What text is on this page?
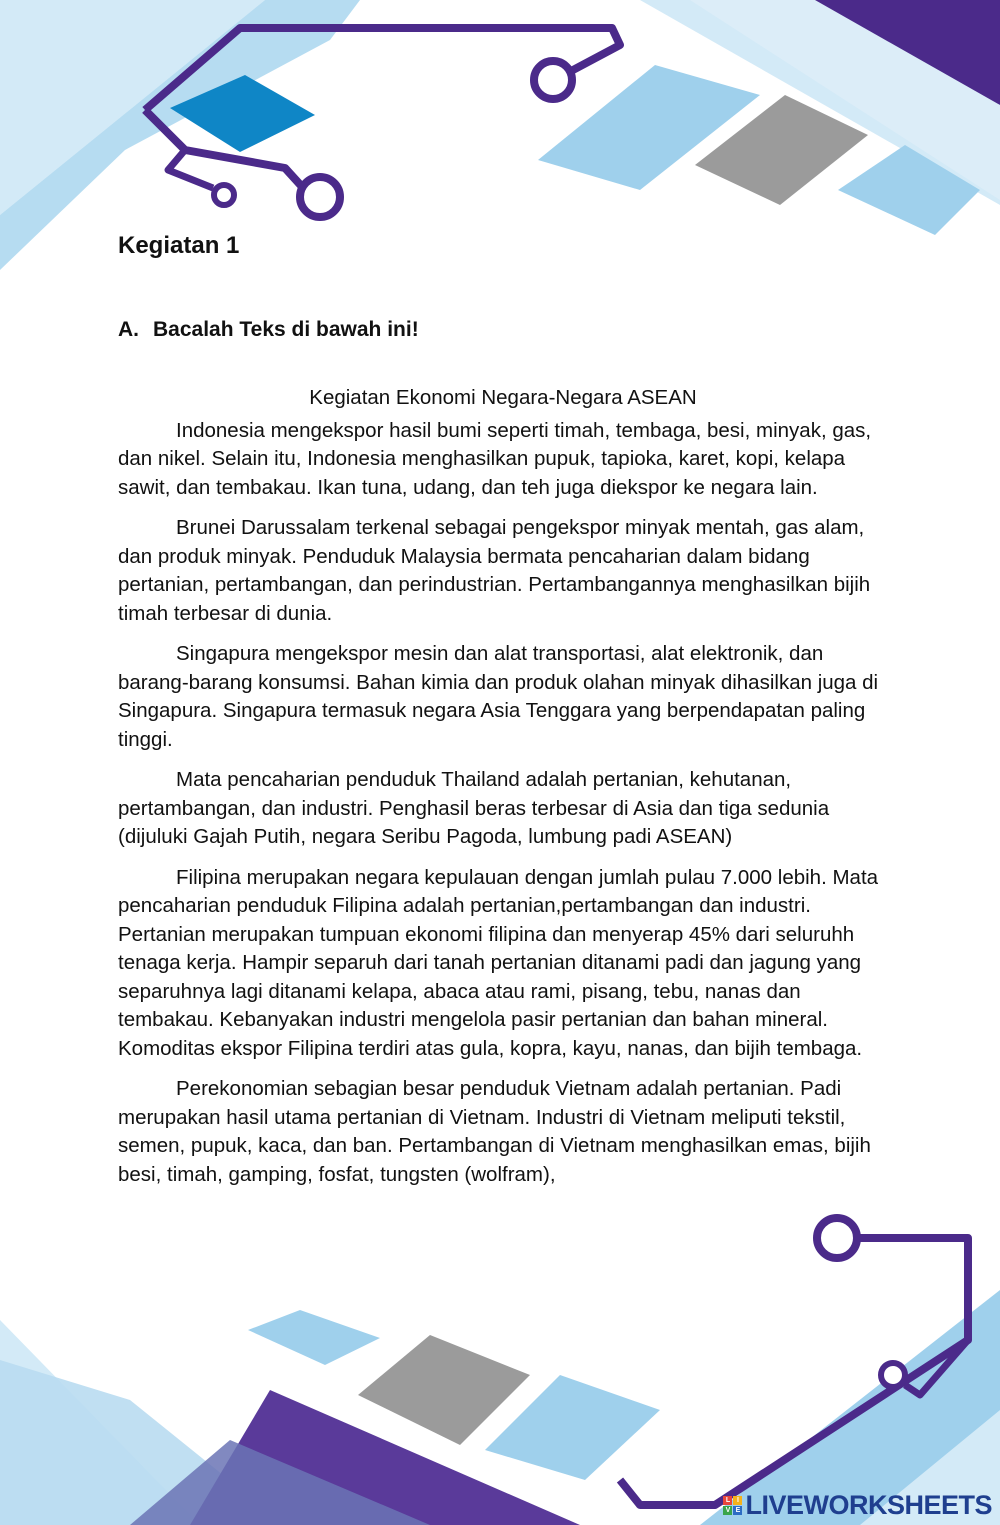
Kegiatan 1
A. Bacalah Teks di bawah ini!

Kegiatan Ekonomi Negara-Negara ASEAN

Indonesia mengekspor hasil bumi seperti timah, tembaga, besi, minyak, gas, dan nikel. Selain itu, Indonesia menghasilkan pupuk, tapioka, karet, kopi, kelapa sawit, dan tembakau. Ikan tuna, udang, dan teh juga diekspor ke negara lain.

Brunei Darussalam terkenal sebagai pengekspor minyak mentah, gas alam, dan produk minyak. Penduduk Malaysia bermata pencaharian dalam bidang pertanian, pertambangan, dan perindustrian. Pertambangannya menghasilkan bijih timah terbesar di dunia.

Singapura mengekspor mesin dan alat transportasi, alat elektronik, dan barang-barang konsumsi. Bahan kimia dan produk olahan minyak dihasilkan juga di Singapura. Singapura termasuk negara Asia Tenggara yang berpendapatan paling tinggi.

Mata pencaharian penduduk Thailand adalah pertanian, kehutanan, pertambangan, dan industri. Penghasil beras terbesar di Asia dan tiga sedunia (dijuluki Gajah Putih, negara Seribu Pagoda, lumbung padi ASEAN)

Filipina merupakan negara kepulauan dengan jumlah pulau 7.000 lebih. Mata pencaharian penduduk Filipina adalah pertanian,pertambangan dan industri. Pertanian merupakan tumpuan ekonomi filipina dan menyerap 45% dari seluruhh tenaga kerja. Hampir separuh dari tanah pertanian ditanami padi dan jagung yang separuhnya lagi ditanami kelapa, abaca atau rami, pisang, tebu, nanas dan tembakau. Kebanyakan industri mengelola pasir pertanian dan bahan mineral. Komoditas ekspor Filipina terdiri atas gula, kopra, kayu, nanas, dan bijih tembaga.

Perekonomian sebagian besar penduduk Vietnam adalah pertanian. Padi merupakan hasil utama pertanian di Vietnam. Industri di Vietnam meliputi tekstil, semen, pupuk, kaca, dan ban. Pertambangan di Vietnam menghasilkan emas, bijih besi, timah, gamping, fosfat, tungsten (wolfram),

L I
V E LIVEWORKSHEETS
